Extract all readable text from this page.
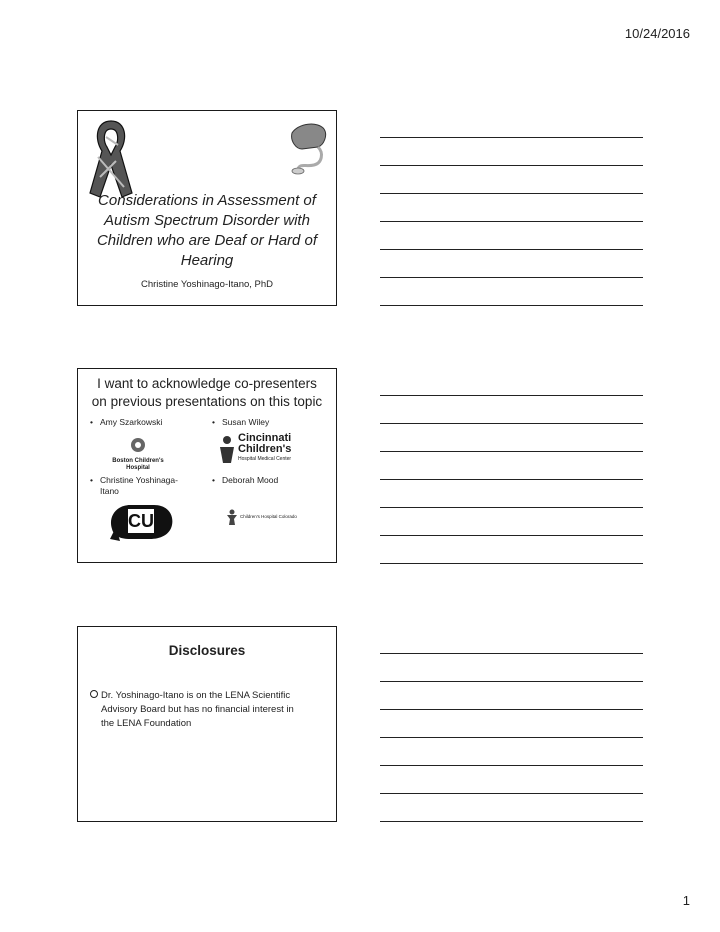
10/24/2016
Considerations in Assessment of
Autism Spectrum Disorder with
Children who are Deaf or Hard of
Hearing
Christine Yoshinago-Itano, PhD
I want to acknowledge co-presenters
on previous presentations on this topic
• Amy Szarkowski	• Susan Wiley
Boston Children's
Hospital
Cincinnati
Children's
Hospital Medical Center
• Christine Yoshinaga-
Itano
• Deborah Mood
CU	Children's Hospital Colorado
Disclosures
Dr. Yoshinago-Itano is on the LENA Scientific
Advisory Board but has no financial interest in
the LENA Foundation
1
